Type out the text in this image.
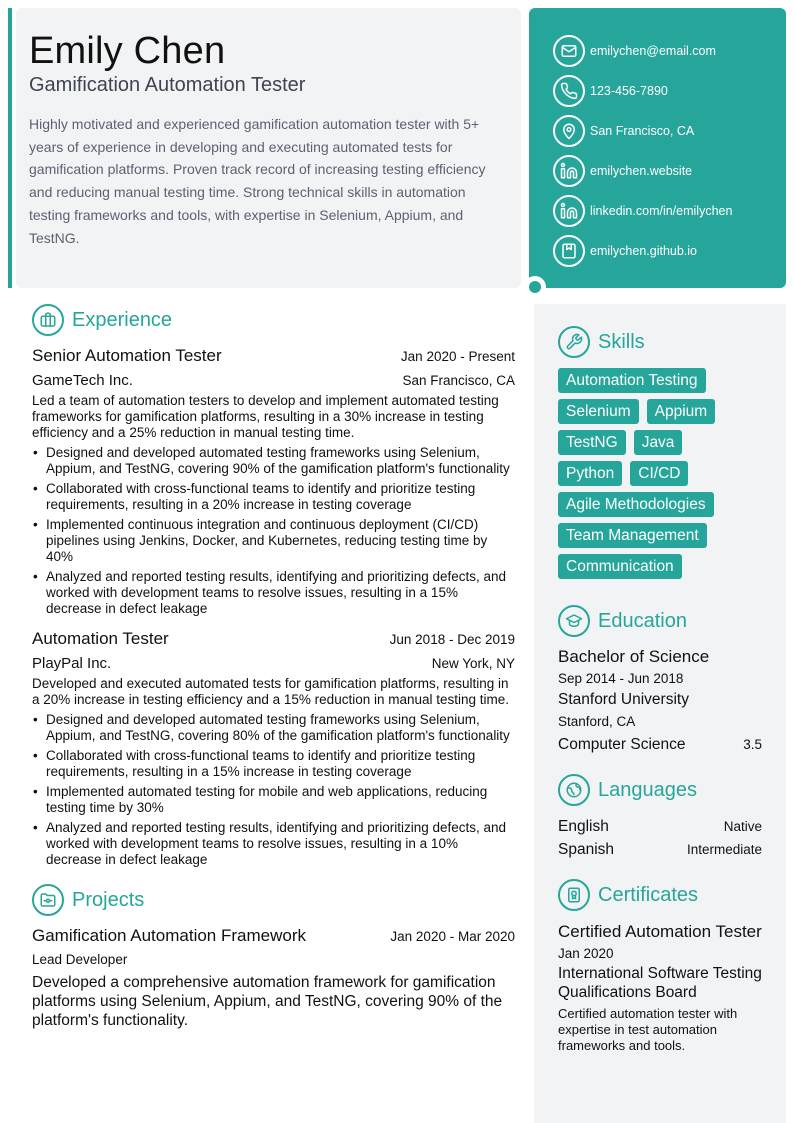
Emily Chen
Gamification Automation Tester
Highly motivated and experienced gamification automation tester with 5+ years of experience in developing and executing automated tests for gamification platforms. Proven track record of increasing testing efficiency and reducing manual testing time. Strong technical skills in automation testing frameworks and tools, with expertise in Selenium, Appium, and TestNG.
emilychen@email.com
123-456-7890
San Francisco, CA
emilychen.website
linkedin.com/in/emilychen
emilychen.github.io
Experience
Senior Automation Tester	Jan 2020 - Present
GameTech Inc.	San Francisco, CA
Led a team of automation testers to develop and implement automated testing frameworks for gamification platforms, resulting in a 30% increase in testing efficiency and a 25% reduction in manual testing time.
• Designed and developed automated testing frameworks using Selenium, Appium, and TestNG, covering 90% of the gamification platform's functionality
• Collaborated with cross-functional teams to identify and prioritize testing requirements, resulting in a 20% increase in testing coverage
• Implemented continuous integration and continuous deployment (CI/CD) pipelines using Jenkins, Docker, and Kubernetes, reducing testing time by 40%
• Analyzed and reported testing results, identifying and prioritizing defects, and worked with development teams to resolve issues, resulting in a 15% decrease in defect leakage
Automation Tester	Jun 2018 - Dec 2019
PlayPal Inc.	New York, NY
Developed and executed automated tests for gamification platforms, resulting in a 20% increase in testing efficiency and a 15% reduction in manual testing time.
• Designed and developed automated testing frameworks using Selenium, Appium, and TestNG, covering 80% of the gamification platform's functionality
• Collaborated with cross-functional teams to identify and prioritize testing requirements, resulting in a 15% increase in testing coverage
• Implemented automated testing for mobile and web applications, reducing testing time by 30%
• Analyzed and reported testing results, identifying and prioritizing defects, and worked with development teams to resolve issues, resulting in a 10% decrease in defect leakage
Projects
Gamification Automation Framework	Jan 2020 - Mar 2020
Lead Developer
Developed a comprehensive automation framework for gamification platforms using Selenium, Appium, and TestNG, covering 90% of the platform's functionality.
Skills
Automation Testing
Selenium	Appium
TestNG	Java
Python	CI/CD
Agile Methodologies
Team Management
Communication
Education
Bachelor of Science
Sep 2014 - Jun 2018
Stanford University
Stanford, CA
Computer Science	3.5
Languages
English	Native
Spanish	Intermediate
Certificates
Certified Automation Tester
Jan 2020
International Software Testing Qualifications Board
Certified automation tester with expertise in test automation frameworks and tools.
